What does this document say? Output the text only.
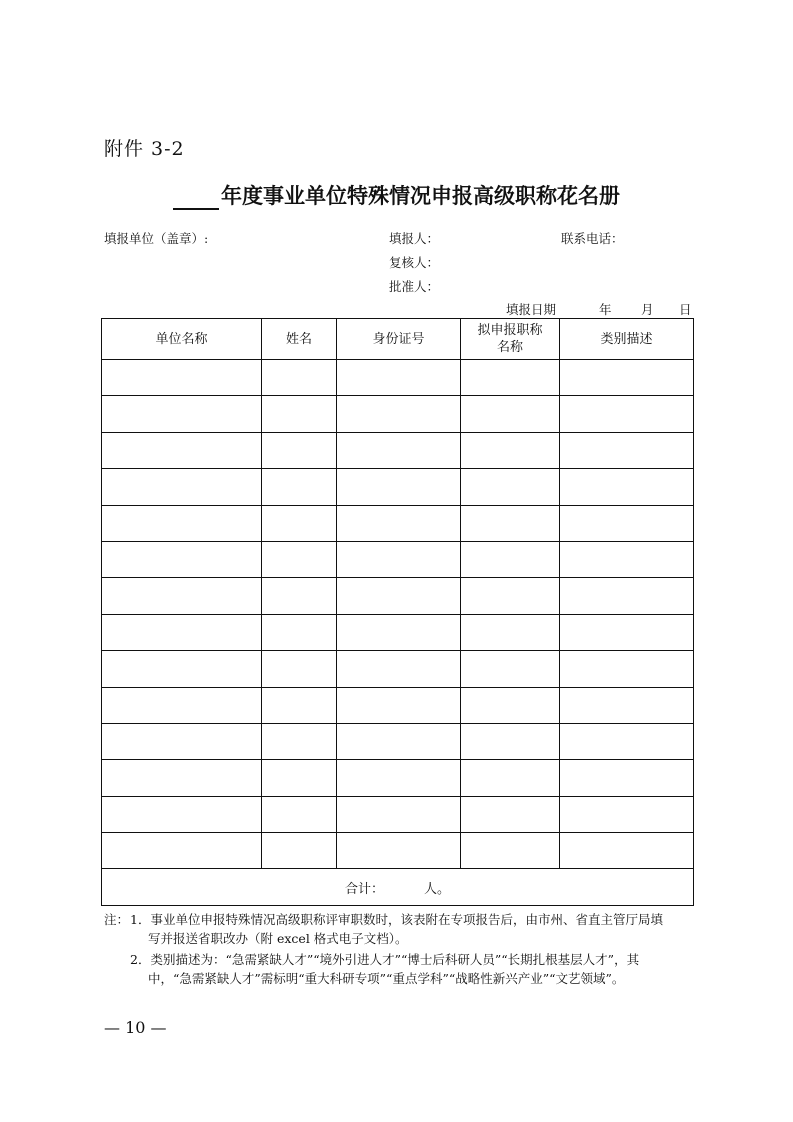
附件 3-2
年度事业单位特殊情况申报高级职称花名册
填报单位（盖章）:	填报人：	联系电话：
复核人：
批准人：
填报日期	年 月 日
单位名称	姓名	身份证号	拟申报职称
名称	类别描述

合计： 人。				
注： 1．事业单位申报特殊情况高级职称评审职数时，该表附在专项报告后，由市州、省直主管厅局填
写并报送省职改办（附 excel 格式电子文档）。
2．类别描述为：“急需紧缺人才”“境外引进人才”“博士后科研人员”“长期扎根基层人才”，其
中，“急需紧缺人才”需标明“重大科研专项”“重点学科”“战略性新兴产业”“文艺领域”。
— 10 —
